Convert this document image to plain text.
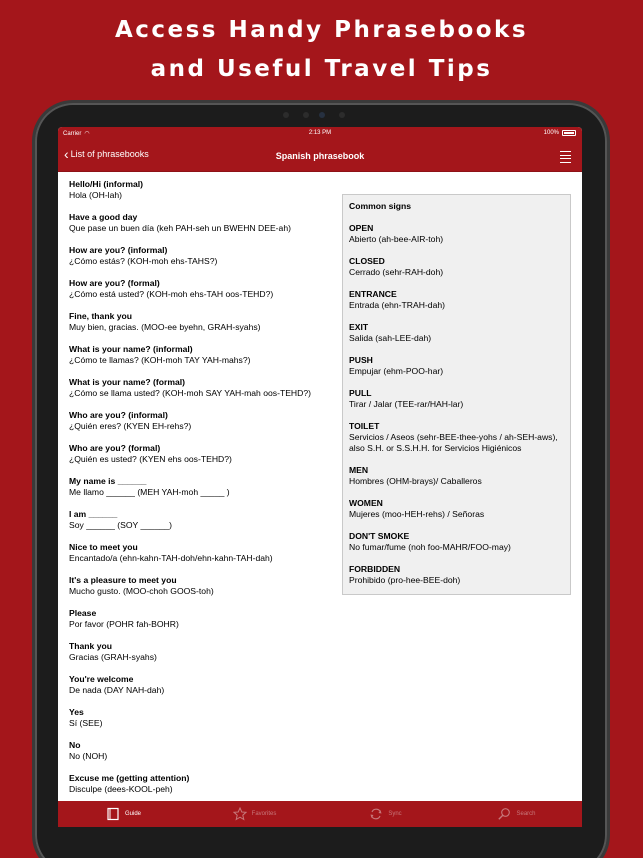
Access Handy Phrasebooks
and Useful Travel Tips
Carrier ◠	2:13 PM	100%
‹ List of phrasebooks	Spanish phrasebook
Hello/Hi (informal)
Hola (OH-lah)
Have a good day
Que pase un buen día (keh PAH-seh un BWEHN DEE-ah)
How are you? (informal)
¿Cómo estás? (KOH-moh ehs-TAHS?)
How are you? (formal)
¿Cómo está usted? (KOH-moh ehs-TAH oos-TEHD?)
Fine, thank you
Muy bien, gracias. (MOO-ee byehn, GRAH-syahs)
What is your name? (informal)
¿Cómo te llamas? (KOH-moh TAY YAH-mahs?)
What is your name? (formal)
¿Cómo se llama usted? (KOH-moh SAY YAH-mah oos-TEHD?)
Who are you? (informal)
¿Quién eres? (KYEN EH-rehs?)
Who are you? (formal)
¿Quién es usted? (KYEN ehs oos-TEHD?)
My name is ______
Me llamo ______ (MEH YAH-moh _____ )
I am ______
Soy ______ (SOY ______)
Nice to meet you
Encantado/a (ehn-kahn-TAH-doh/ehn-kahn-TAH-dah)
It's a pleasure to meet you
Mucho gusto. (MOO-choh GOOS-toh)
Please
Por favor (POHR fah-BOHR)
Thank you
Gracias (GRAH-syahs)
You're welcome
De nada (DAY NAH-dah)
Yes
Sí (SEE)
No
No (NOH)
Excuse me (getting attention)
Disculpe (dees-KOOL-peh)
Common signs
OPEN
Abierto (ah-bee-AIR-toh)
CLOSED
Cerrado (sehr-RAH-doh)
ENTRANCE
Entrada (ehn-TRAH-dah)
EXIT
Salida (sah-LEE-dah)
PUSH
Empujar (ehm-POO-har)
PULL
Tirar / Jalar (TEE-rar/HAH-lar)
TOILET
Servicios / Aseos (sehr-BEE-thee-yohs / ah-SEH-aws), also S.H. or S.S.H.H. for Servicios Higiénicos
MEN
Hombres (OHM-brays)/ Caballeros
WOMEN
Mujeres (moo-HEH-rehs) / Señoras
DON'T SMOKE
No fumar/fume (noh foo-MAHR/FOO-may)
FORBIDDEN
Prohibido (pro-hee-BEE-doh)
Guide	Favorites	Sync	Search
